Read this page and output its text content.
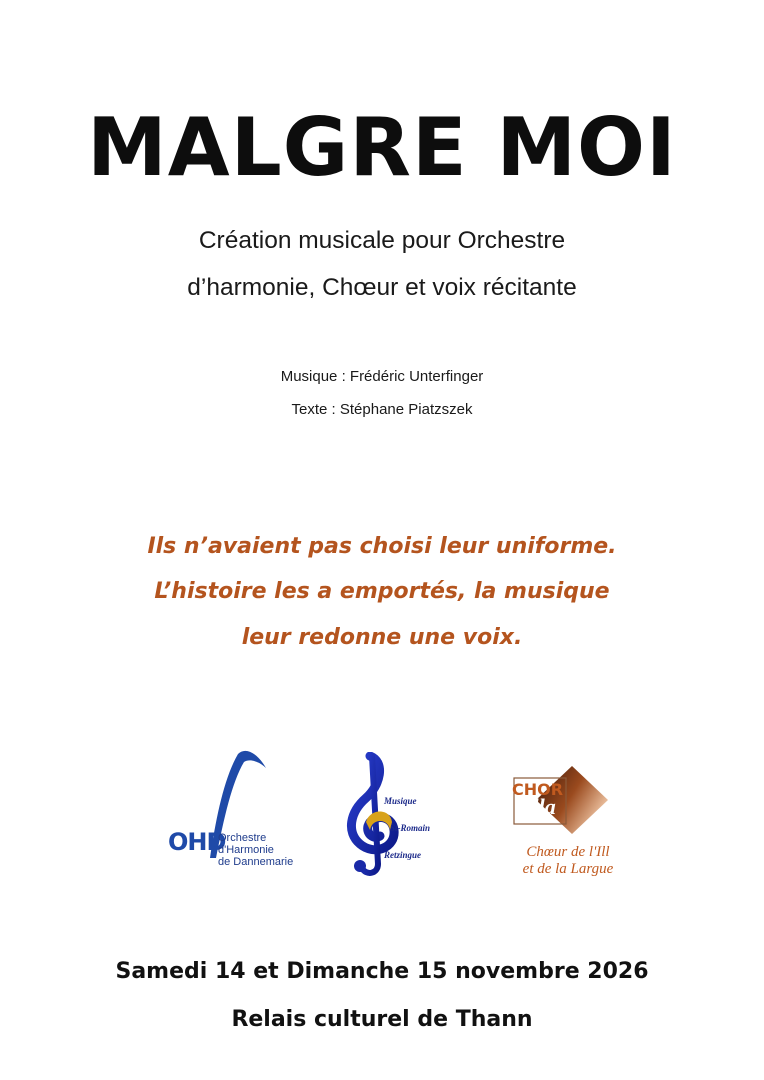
MALGRE MOI
Création musicale pour Orchestre
d’harmonie, Chœur et voix récitante
Musique : Frédéric Unterfinger
Texte : Stéphane Piatzszek
Ils n’avaient pas choisi leur uniforme.
L’histoire les a emportés, la musique
leur redonne une voix.
OHD
Orchestre
d'Harmonie
de Dannemarie
Musique
St-Romain
Retzingue
CHOR
Illa
Chœur de l'Ill
et de la Largue
Samedi 14 et Dimanche 15 novembre 2026
Relais culturel de Thann
